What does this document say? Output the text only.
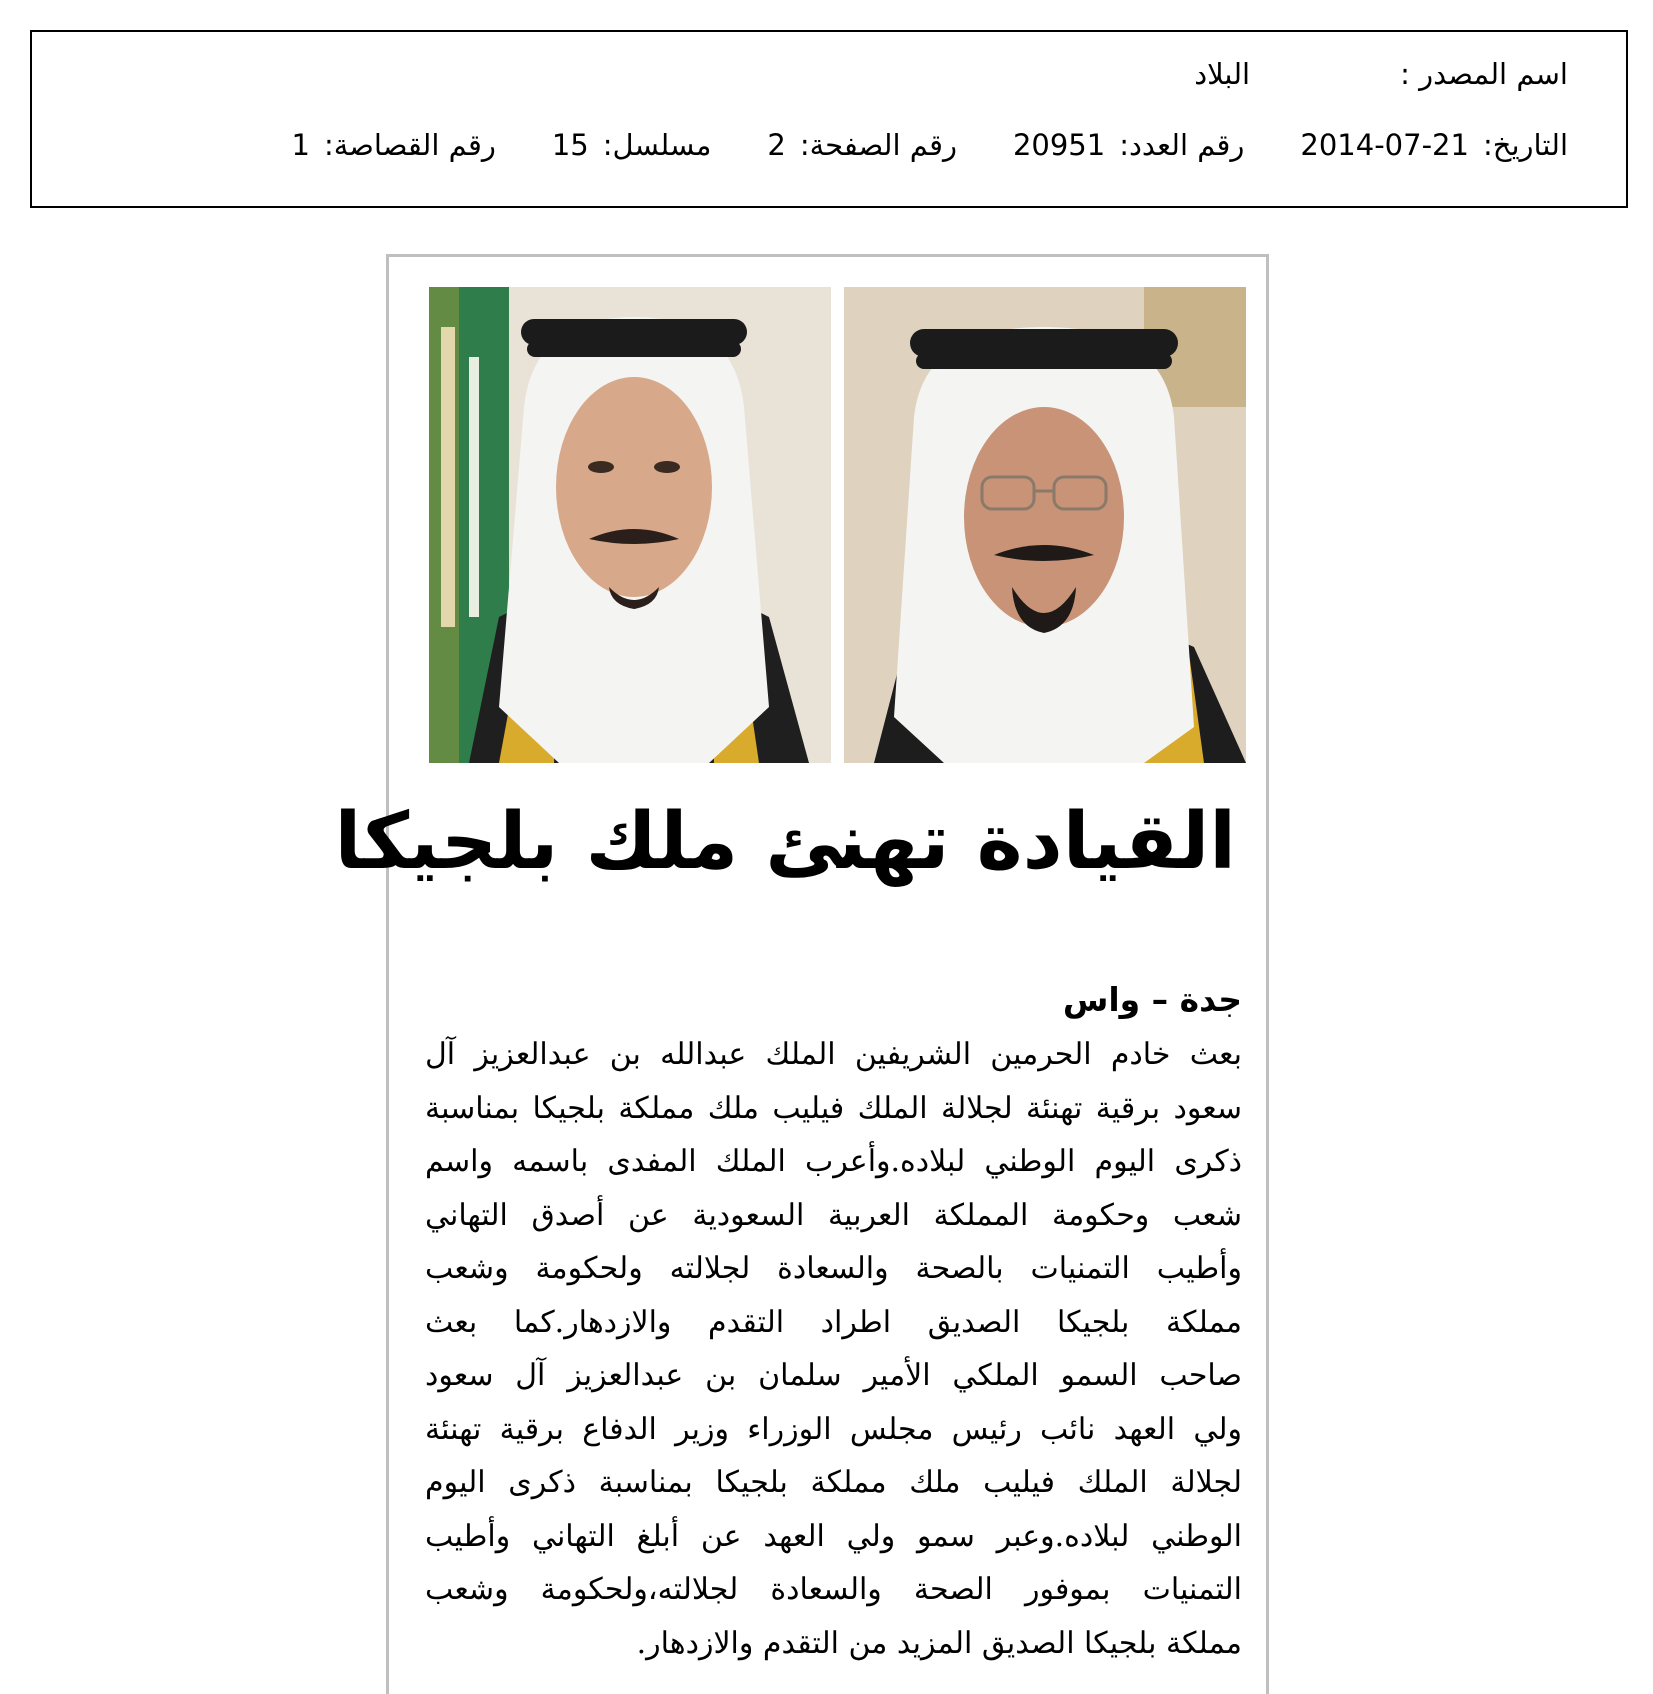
اسم المصدر :
البلاد
التاريخ:
2014-07-21
رقم العدد:
20951
رقم الصفحة:
2
مسلسل:
15
رقم القصاصة:
1
القيادة تهنئ ملك بلجيكا
جدة – واس
بعث خادم الحرمين الشريفين الملك عبدالله بن عبدالعزيز آل
سعود برقية تهنئة لجلالة الملك فيليب ملك مملكة بلجيكا بمناسبة
ذكرى اليوم الوطني لبلاده.وأعرب الملك المفدى باسمه واسم
شعب وحكومة المملكة العربية السعودية عن أصدق التهاني
وأطيب التمنيات بالصحة والسعادة لجلالته ولحكومة وشعب
مملكة بلجيكا الصديق اطراد التقدم والازدهار.كما بعث
صاحب السمو الملكي الأمير سلمان بن عبدالعزيز آل سعود
ولي العهد نائب رئيس مجلس الوزراء وزير الدفاع برقية تهنئة
لجلالة الملك فيليب ملك مملكة بلجيكا بمناسبة ذكرى اليوم
الوطني لبلاده.وعبر سمو ولي العهد عن أبلغ التهاني وأطيب
التمنيات بموفور الصحة والسعادة لجلالته،ولحكومة وشعب
مملكة بلجيكا الصديق المزيد من التقدم والازدهار.
